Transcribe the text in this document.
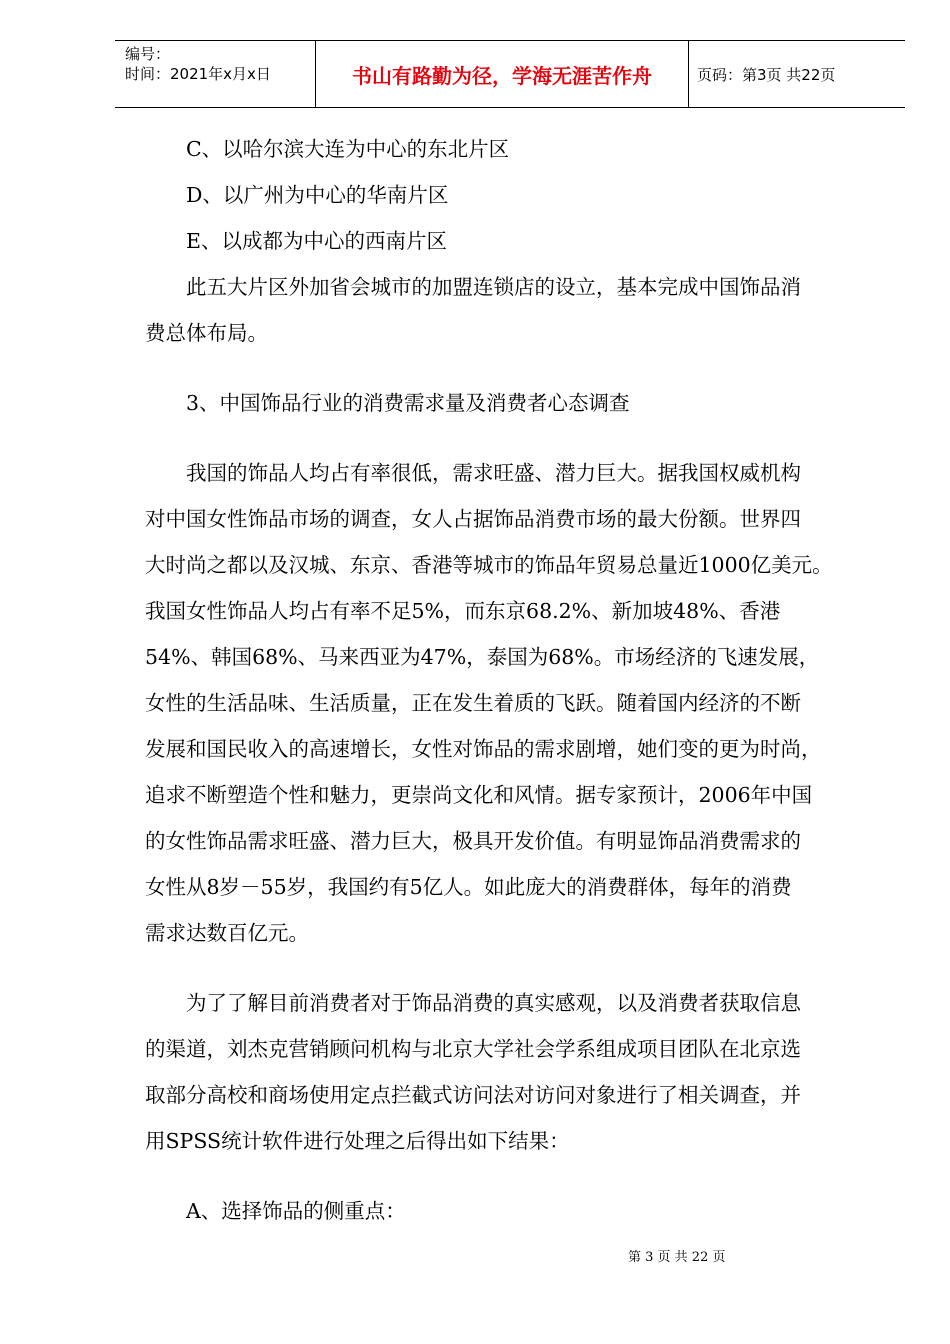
编号：
时间：2021年x月x日	书山有路勤为径，学海无涯苦作舟	页码：第3页 共22页
　　C、以哈尔滨大连为中心的东北片区
　　D、以广州为中心的华南片区
　　E、以成都为中心的西南片区
　　此五大片区外加省会城市的加盟连锁店的设立，基本完成中国饰品消
费总体布局。
　　3、中国饰品行业的消费需求量及消费者心态调查
　　我国的饰品人均占有率很低，需求旺盛、潜力巨大。据我国权威机构
对中国女性饰品市场的调查，女人占据饰品消费市场的最大份额。世界四
大时尚之都以及汉城、东京、香港等城市的饰品年贸易总量近1000亿美元。
我国女性饰品人均占有率不足5%，而东京68.2%、新加坡48%、香港
54%、韩国68%、马来西亚为47%，泰国为68%。市场经济的飞速发展，
女性的生活品味、生活质量，正在发生着质的飞跃。随着国内经济的不断
发展和国民收入的高速增长，女性对饰品的需求剧增，她们变的更为时尚，
追求不断塑造个性和魅力，更崇尚文化和风情。据专家预计，2006年中国
的女性饰品需求旺盛、潜力巨大，极具开发价值。有明显饰品消费需求的
女性从8岁－55岁，我国约有5亿人。如此庞大的消费群体，每年的消费
需求达数百亿元。
　　为了了解目前消费者对于饰品消费的真实感观，以及消费者获取信息
的渠道，刘杰克营销顾问机构与北京大学社会学系组成项目团队在北京选
取部分高校和商场使用定点拦截式访问法对访问对象进行了相关调查，并
用SPSS统计软件进行处理之后得出如下结果：
　　A、选择饰品的侧重点：
第 3 页 共 22 页
